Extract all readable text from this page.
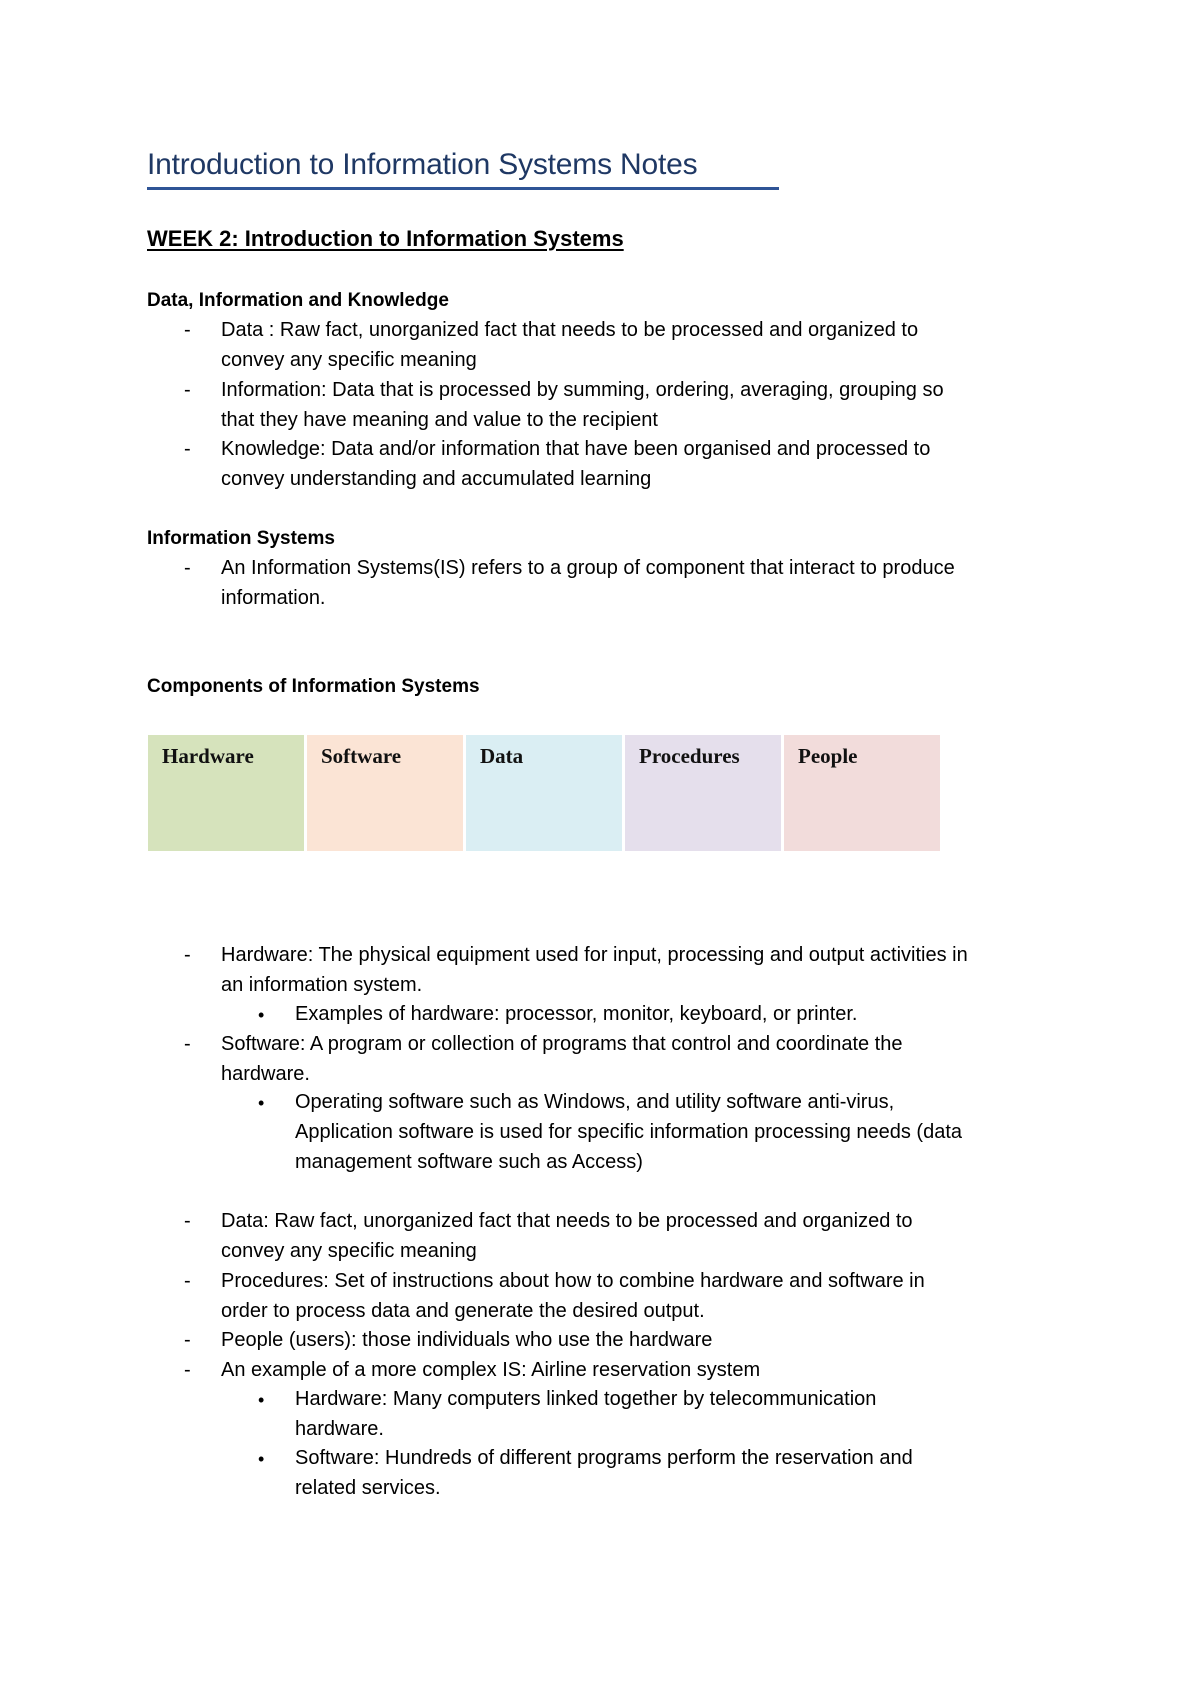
Introduction to Information Systems Notes
WEEK 2: Introduction to Information Systems
Data, Information and Knowledge
- Data : Raw fact, unorganized fact that needs to be processed and organized to
convey any specific meaning
- Information: Data that is processed by summing, ordering, averaging, grouping so
that they have meaning and value to the recipient
- Knowledge: Data and/or information that have been organised and processed to
convey understanding and accumulated learning
Information Systems
- An Information Systems(IS) refers to a group of component that interact to produce
information.
Components of Information Systems
Hardware	Software	Data	Procedures	People
- Hardware: The physical equipment used for input, processing and output activities in
an information system.
• Examples of hardware: processor, monitor, keyboard, or printer.
- Software: A program or collection of programs that control and coordinate the
hardware.
• Operating software such as Windows, and utility software anti-virus,
Application software is used for specific information processing needs (data
management software such as Access)
- Data: Raw fact, unorganized fact that needs to be processed and organized to
convey any specific meaning
- Procedures: Set of instructions about how to combine hardware and software in
order to process data and generate the desired output.
- People (users): those individuals who use the hardware
- An example of a more complex IS: Airline reservation system
• Hardware: Many computers linked together by telecommunication
hardware.
• Software: Hundreds of different programs perform the reservation and
related services.
